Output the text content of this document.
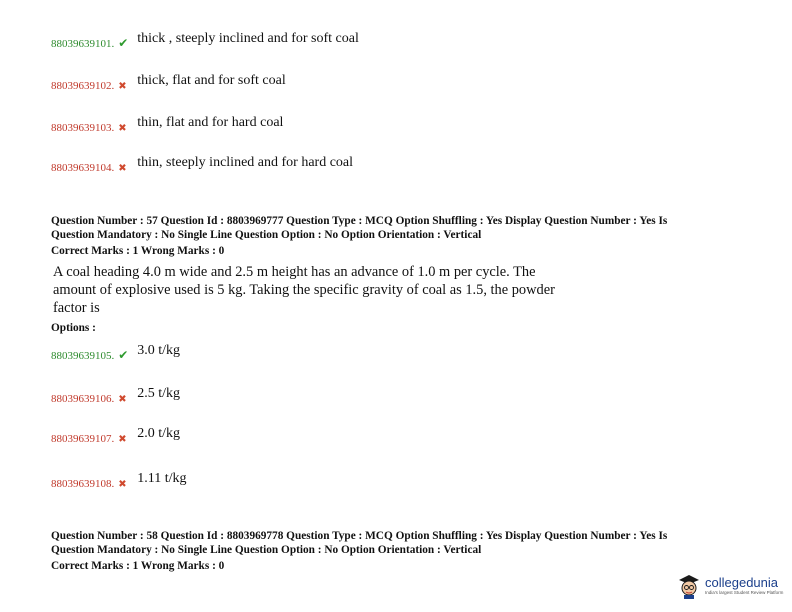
88039639101. ✔ thick , steeply inclined and for soft coal
88039639102. ✖ thick, flat and for soft coal
88039639103. ✖ thin, flat and for hard coal
88039639104. ✖ thin, steeply inclined and for hard coal
Question Number : 57 Question Id : 8803969777 Question Type : MCQ Option Shuffling : Yes Display Question Number : Yes Is
Question Mandatory : No Single Line Question Option : No Option Orientation : Vertical
Correct Marks : 1 Wrong Marks : 0
A coal heading 4.0 m wide and 2.5 m height has an advance of 1.0 m per cycle. The
amount of explosive used is 5 kg. Taking the specific gravity of coal as 1.5, the powder
factor is
Options :
88039639105. ✔ 3.0 t/kg
88039639106. ✖ 2.5 t/kg
88039639107. ✖ 2.0 t/kg
88039639108. ✖ 1.11 t/kg
Question Number : 58 Question Id : 8803969778 Question Type : MCQ Option Shuffling : Yes Display Question Number : Yes Is
Question Mandatory : No Single Line Question Option : No Option Orientation : Vertical
Correct Marks : 1 Wrong Marks : 0
collegedunia
India's largest Student Review Platform
